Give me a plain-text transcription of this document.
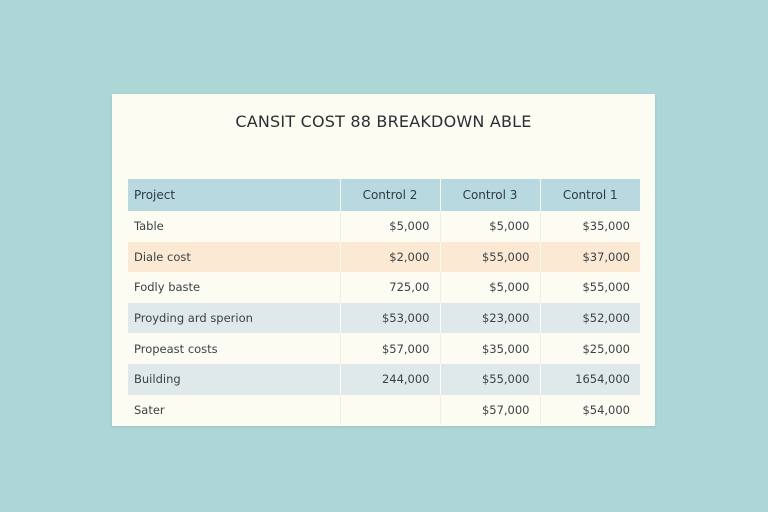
CANSIT COST 88 BREAKDOWN ABLE
Project	Control 2	Control 3	Control 1
Table	$5,000	$5,000	$35,000
Diale cost	$2,000	$55,000	$37,000
Fodly baste	725,00	$5,000	$55,000
Proyding ard sperion	$53,000	$23,000	$52,000
Propeast costs	$57,000	$35,000	$25,000
Building	244,000	$55,000	1654,000
Sater		$57,000	$54,000
